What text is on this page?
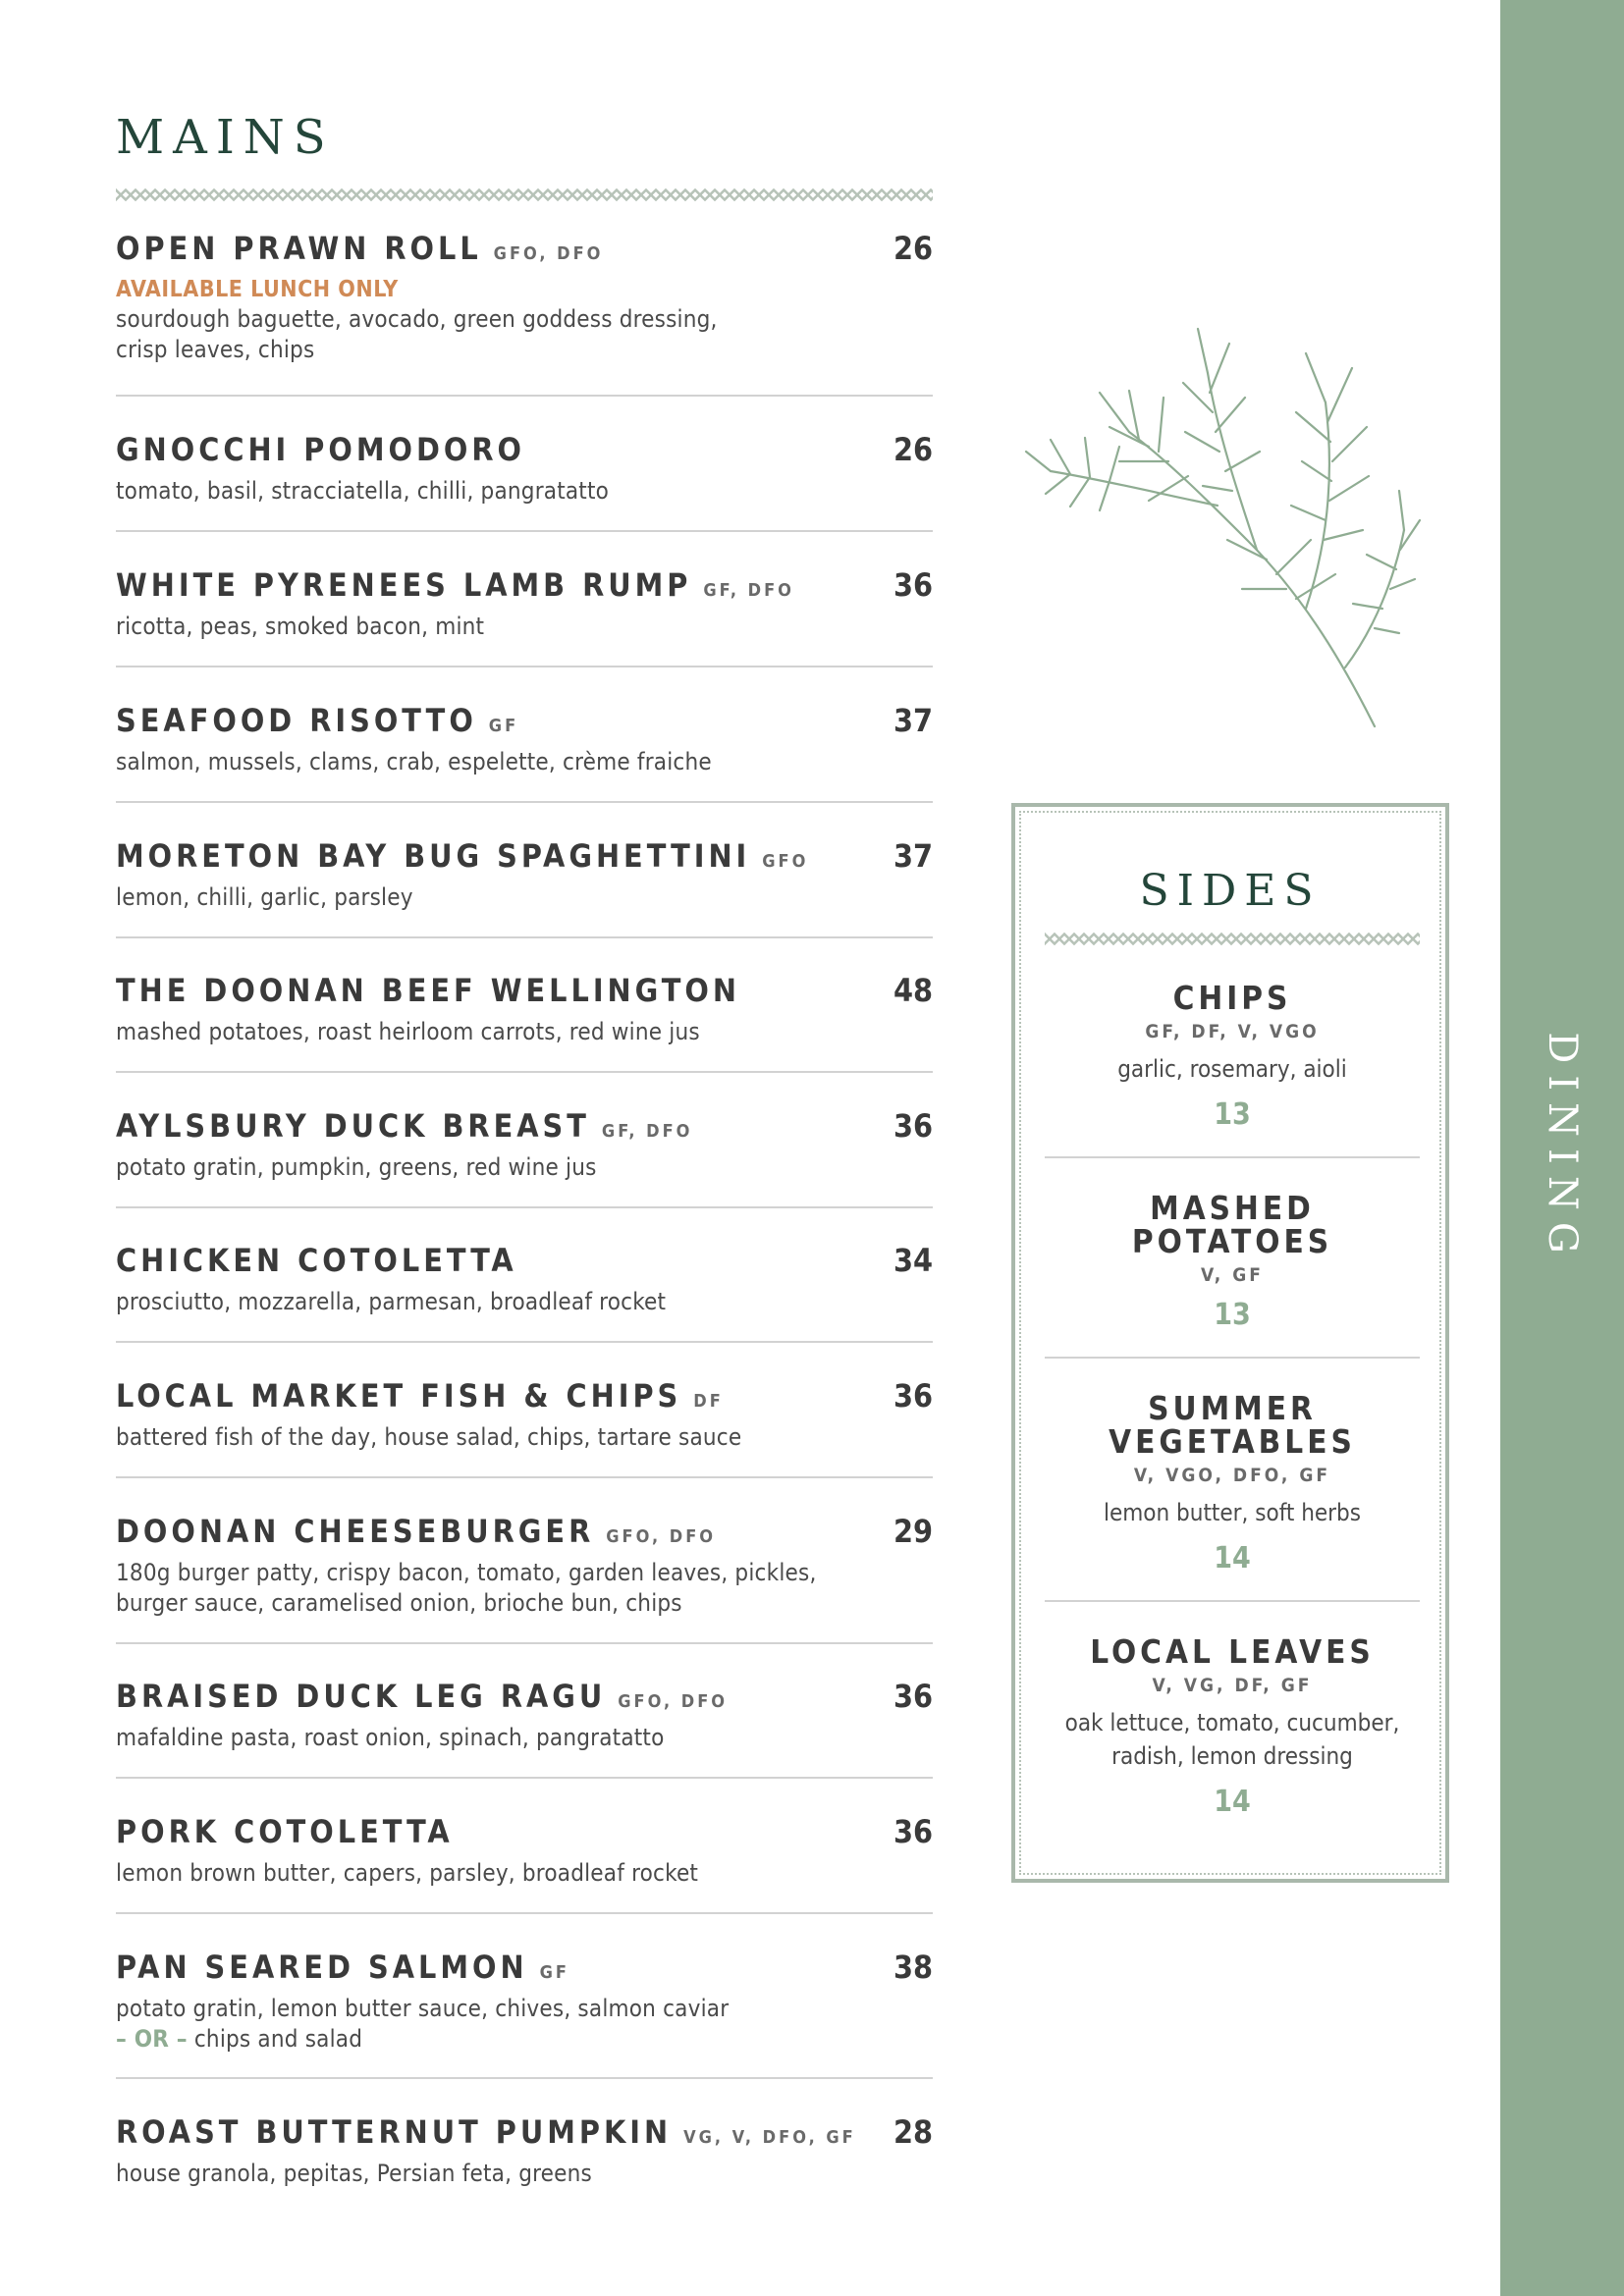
DINING
MAINS
OPEN PRAWN ROLL GFO, DFO	26
AVAILABLE LUNCH ONLY
sourdough baguette, avocado, green goddess dressing,
crisp leaves, chips
GNOCCHI POMODORO	26
tomato, basil, stracciatella, chilli, pangratatto
WHITE PYRENEES LAMB RUMP GF, DFO	36
ricotta, peas, smoked bacon, mint
SEAFOOD RISOTTO GF	37
salmon, mussels, clams, crab, espelette, crème fraiche
MORETON BAY BUG SPAGHETTINI GFO	37
lemon, chilli, garlic, parsley
THE DOONAN BEEF WELLINGTON	48
mashed potatoes, roast heirloom carrots, red wine jus
AYLSBURY DUCK BREAST GF, DFO	36
potato gratin, pumpkin, greens, red wine jus
CHICKEN COTOLETTA	34
prosciutto, mozzarella, parmesan, broadleaf rocket
LOCAL MARKET FISH & CHIPS DF	36
battered fish of the day, house salad, chips, tartare sauce
DOONAN CHEESEBURGER GFO, DFO	29
180g burger patty, crispy bacon, tomato, garden leaves, pickles,
burger sauce, caramelised onion, brioche bun, chips
BRAISED DUCK LEG RAGU GFO, DFO	36
mafaldine pasta, roast onion, spinach, pangratatto
PORK COTOLETTA	36
lemon brown butter, capers, parsley, broadleaf rocket
PAN SEARED SALMON GF	38
potato gratin, lemon butter sauce, chives, salmon caviar
– OR – chips and salad
ROAST BUTTERNUT PUMPKIN VG, V, DFO, GF	28
house granola, pepitas, Persian feta, greens
SIDES
CHIPS
GF, DF, V, VGO
garlic, rosemary, aioli
13
MASHED
POTATOES
V, GF
13
SUMMER
VEGETABLES
V, VGO, DFO, GF
lemon butter, soft herbs
14
LOCAL LEAVES
V, VG, DF, GF
oak lettuce, tomato, cucumber,
radish, lemon dressing
14
